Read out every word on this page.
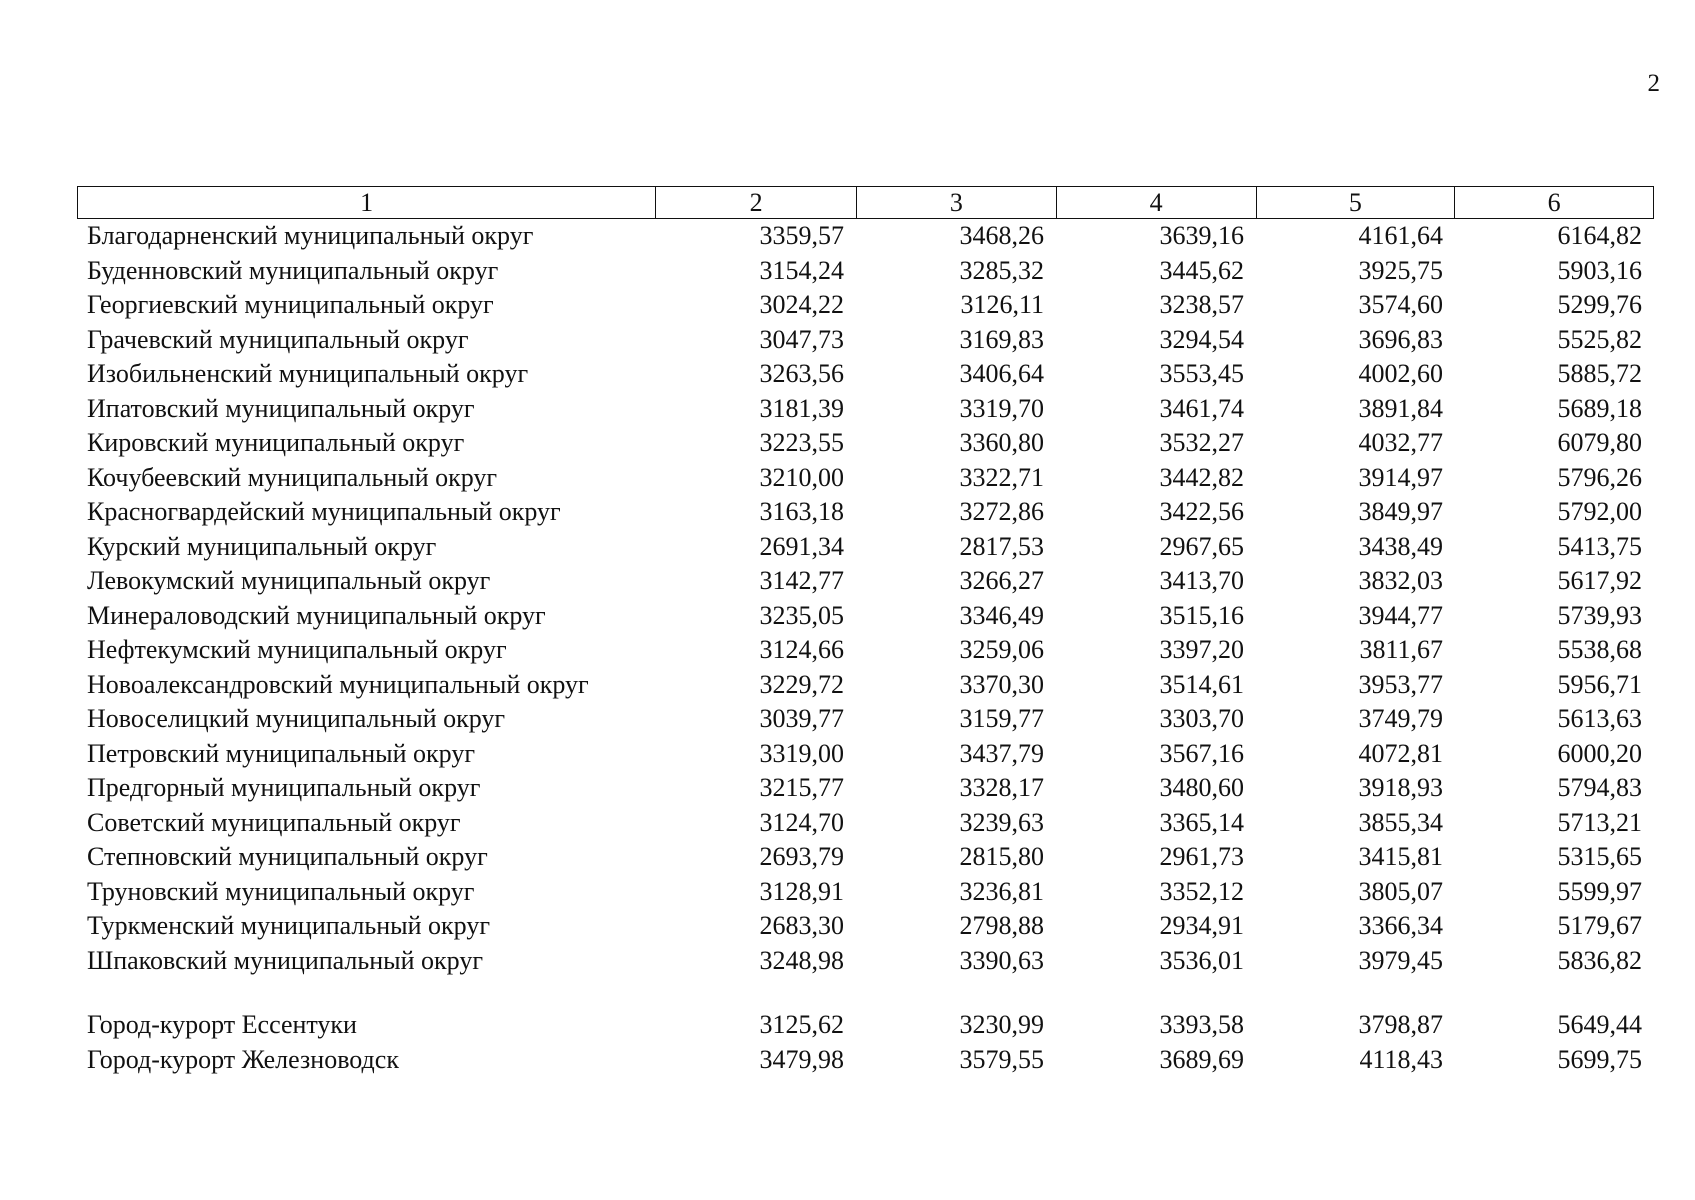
2
1	2	3	4	5	6
Благодарненский муниципальный округ	3359,57	3468,26	3639,16	4161,64	6164,82
Буденновский муниципальный округ	3154,24	3285,32	3445,62	3925,75	5903,16
Георгиевский муниципальный округ	3024,22	3126,11	3238,57	3574,60	5299,76
Грачевский муниципальный округ	3047,73	3169,83	3294,54	3696,83	5525,82
Изобильненский муниципальный округ	3263,56	3406,64	3553,45	4002,60	5885,72
Ипатовский муниципальный округ	3181,39	3319,70	3461,74	3891,84	5689,18
Кировский муниципальный округ	3223,55	3360,80	3532,27	4032,77	6079,80
Кочубеевский муниципальный округ	3210,00	3322,71	3442,82	3914,97	5796,26
Красногвардейский муниципальный округ	3163,18	3272,86	3422,56	3849,97	5792,00
Курский муниципальный округ	2691,34	2817,53	2967,65	3438,49	5413,75
Левокумский муниципальный округ	3142,77	3266,27	3413,70	3832,03	5617,92
Минераловодский муниципальный округ	3235,05	3346,49	3515,16	3944,77	5739,93
Нефтекумский муниципальный округ	3124,66	3259,06	3397,20	3811,67	5538,68
Новоалександровский муниципальный округ	3229,72	3370,30	3514,61	3953,77	5956,71
Новоселицкий муниципальный округ	3039,77	3159,77	3303,70	3749,79	5613,63
Петровский муниципальный округ	3319,00	3437,79	3567,16	4072,81	6000,20
Предгорный муниципальный округ	3215,77	3328,17	3480,60	3918,93	5794,83
Советский муниципальный округ	3124,70	3239,63	3365,14	3855,34	5713,21
Степновский муниципальный округ	2693,79	2815,80	2961,73	3415,81	5315,65
Труновский муниципальный округ	3128,91	3236,81	3352,12	3805,07	5599,97
Туркменский муниципальный округ	2683,30	2798,88	2934,91	3366,34	5179,67
Шпаковский муниципальный округ	3248,98	3390,63	3536,01	3979,45	5836,82
Город-курорт Ессентуки	3125,62	3230,99	3393,58	3798,87	5649,44
Город-курорт Железноводск	3479,98	3579,55	3689,69	4118,43	5699,75
